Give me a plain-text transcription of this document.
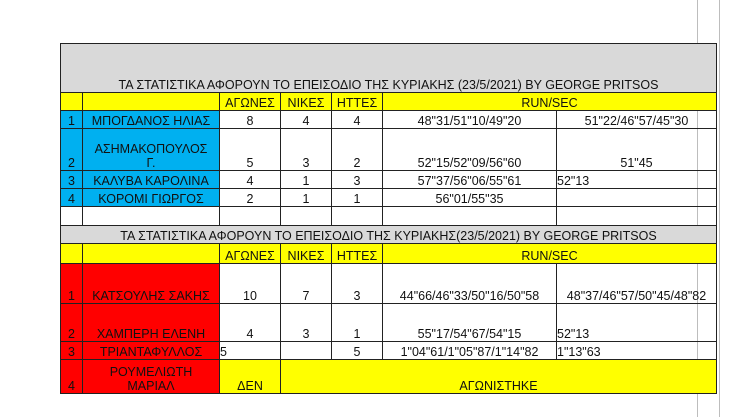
ΤΑ ΣΤΑΤΙΣΤΙΚΑ ΑΦΟΡΟΥΝ ΤΟ ΕΠΕΙΣΟΔΙΟ ΤΗΣ ΚΥΡΙΑΚΗΣ (23/5/2021) BY GEORGE PRITSOS						
		ΑΓΩΝΕΣ	ΝΙΚΕΣ	ΗΤΤΕΣ	RUN/SEC	
1	ΜΠΟΓΔΑΝΟΣ ΗΛΙΑΣ	8	4	4	48"31/51"10/49"20	51"22/46"57/45"30
2	ΑΣΗΜΑΚΟΠΟΥΛΟΣ
Γ.	5	3	2	52"15/52"09/56"60	51"45
3	ΚΑΛΥΒΑ ΚΑΡΟΛΙΝΑ	4	1	3	57"37/56"06/55"61	52"13
4	ΚΟΡΟΜΙ ΓΙΩΡΓΟΣ	2	1	1	56"01/55"35	

ΤΑ ΣΤΑΤΙΣΤΙΚΑ ΑΦΟΡΟΥΝ ΤΟ ΕΠΕΙΣΟΔΙΟ ΤΗΣ ΚΥΡΙΑΚΗΣ(23/5/2021) BY GEORGE PRITSOS						
		ΑΓΩΝΕΣ	ΝΙΚΕΣ	ΗΤΤΕΣ	RUN/SEC	
1	ΚΑΤΣΟΥΛΗΣ ΣΑΚΗΣ	10	7	3	44"66/46"33/50"16/50"58	48"37/46"57/50"45/48"82
2	ΧΑΜΠΕΡΗ ΕΛΕΝΗ	4	3	1	55"17/54"67/54"15	52"13
3	ΤΡΙΑΝΤΑΦΥΛΛΟΣ	5		5	1"04"61/1"05"87/1"14"82	1"13"63
4	ΡΟΥΜΕΛΙΩΤΗ
ΜΑΡΙΑΛ	ΔΕΝ	ΑΓΩΝΙΣΤΗΚΕ			
